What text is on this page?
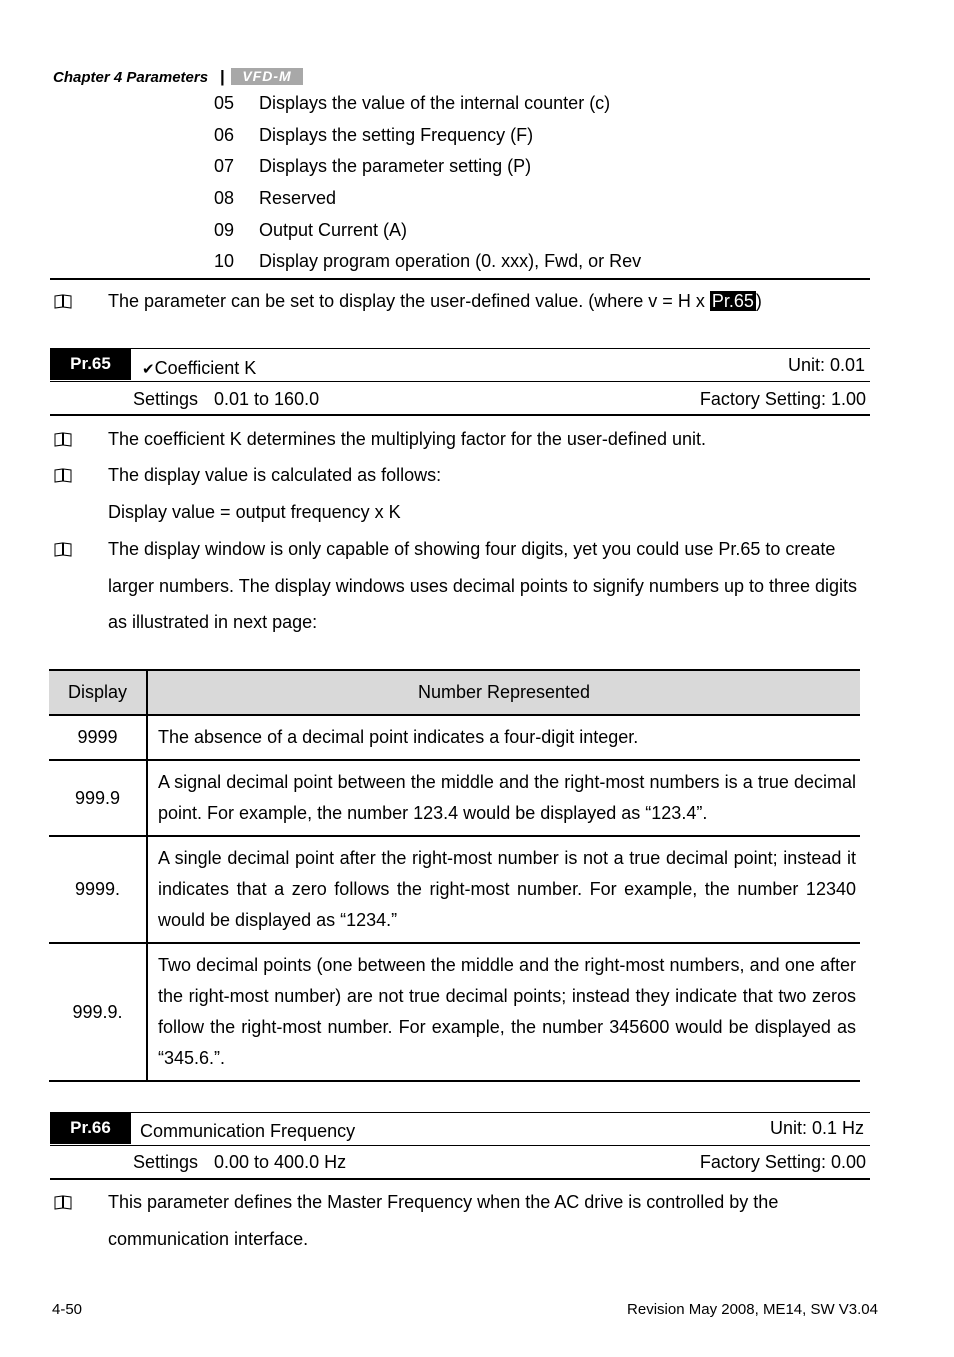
Chapter 4 Parameters |	VFD-M
05 Displays the value of the internal counter (c)
06 Displays the setting Frequency (F)
07 Displays the parameter setting (P)
08 Reserved
09 Output Current (A)
10 Display program operation (0. xxx), Fwd, or Rev
The parameter can be set to display the user-defined value. (where v = H x Pr.65 )
Pr.65	✔Coefficient K	Unit: 0.01
Settings 0.01 to 160.0	Factory Setting: 1.00
The coefficient K determines the multiplying factor for the user-defined unit.
The display value is calculated as follows:
Display value = output frequency x K
The display window is only capable of showing four digits, yet you could use Pr.65 to create
larger numbers. The display windows uses decimal points to signify numbers up to three digits
as illustrated in next page:
Display	Number Represented
9999	The absence of a decimal point indicates a four-digit integer.
999.9	A signal decimal point between the middle and the right-most numbers is a true decimal point. For example, the number 123.4 would be displayed as “123.4”.
9999.	A single decimal point after the right-most number is not a true decimal point; instead it indicates that a zero follows the right-most number. For example, the number 12340 would be displayed as “1234.”
999.9.	Two decimal points (one between the middle and the right-most numbers, and one after the right-most number) are not true decimal points; instead they indicate that two zeros follow the right-most number. For example, the number 345600 would be displayed as “345.6.”.
Pr.66	Communication Frequency	Unit: 0.1 Hz
Settings 0.00 to 400.0 Hz	Factory Setting: 0.00
This parameter defines the Master Frequency when the AC drive is controlled by the
communication interface.
4-50	Revision May 2008, ME14, SW V3.04
